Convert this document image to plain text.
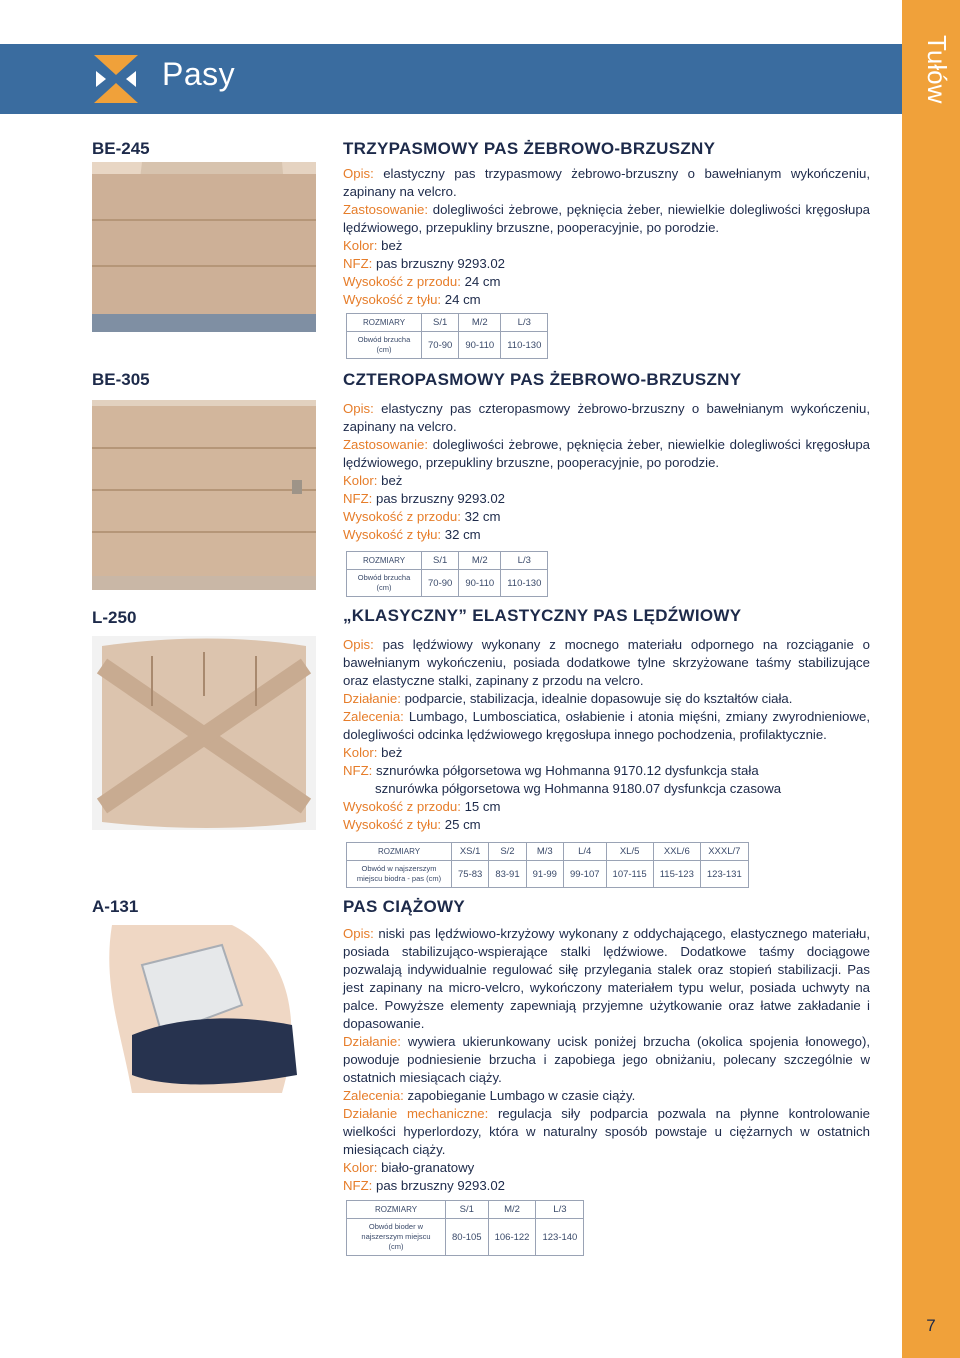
Pasy	Tułów
7
BE-245	TRZYPASMOWY PAS ŻEBROWO-BRZUSZNY

Opis: elastyczny pas trzypasmowy żebrowo-brzuszny o bawełnianym wykończeniu, zapinany na velcro.

Zastosowanie: dolegliwości żebrowe, pęknięcia żeber, niewielkie dolegliwości kręgosłupa lędźwiowego, przepukliny brzuszne, pooperacyjnie, po porodzie.

Kolor: beż

NFZ: pas brzuszny 9293.02

Wysokość z przodu: 24 cm

Wysokość z tyłu: 24 cm

ROZMIARY	S/1	M/2	L/3
Obwód brzucha (cm)	70-90	90-110	110-130
BE-305	CZTEROPASMOWY PAS ŻEBROWO-BRZUSZNY

Opis: elastyczny pas czteropasmowy żebrowo-brzuszny o bawełnianym wykończeniu, zapinany na velcro.

Zastosowanie: dolegliwości żebrowe, pęknięcia żeber, niewielkie dolegliwości kręgosłupa lędźwiowego, przepukliny brzuszne, pooperacyjnie, po porodzie.

Kolor: beż

NFZ: pas brzuszny 9293.02

Wysokość z przodu: 32 cm

Wysokość z tyłu: 32 cm

ROZMIARY	S/1	M/2	L/3
Obwód brzucha (cm)	70-90	90-110	110-130
L-250	„KLASYCZNY” ELASTYCZNY PAS LĘDŹWIOWY

Opis: pas lędźwiowy wykonany z mocnego materiału odpornego na rozciąganie o bawełnianym wykończeniu, posiada dodatkowe tylne skrzyżowane taśmy stabilizujące oraz elastyczne stalki, zapinany z przodu na velcro.

Działanie: podparcie, stabilizacja, idealnie dopasowuje się do kształtów ciała.

Zalecenia: Lumbago, Lumbosciatica, osłabienie i atonia mięśni, zmiany zwyrodnieniowe, dolegliwości odcinka lędźwiowego kręgosłupa innego pochodzenia, profilaktycznie.

Kolor: beż

NFZ: sznurówka półgorsetowa wg Hohmanna 9170.12 dysfunkcja stała

sznurówka półgorsetowa wg Hohmanna 9180.07 dysfunkcja czasowa

Wysokość z przodu: 15 cm

Wysokość z tyłu: 25 cm

ROZMIARY	XS/1	S/2	M/3	L/4	XL/5	XXL/6	XXXL/7
Obwód w najszerszym miejscu biodra - pas (cm)	75-83	83-91	91-99	99-107	107-115	115-123	123-131
A-131	PAS CIĄŻOWY

Opis: niski pas lędźwiowo-krzyżowy wykonany z oddychającego, elastycznego materiału, posiada stabilizująco-wspierające stalki lędźwiowe. Dodatkowe taśmy dociągowe pozwalają indywidualnie regulować siłę przylegania stalek oraz stopień stabilizacji. Pas jest zapinany na micro-velcro, wykończony materiałem typu welur, posiada uchwyty na palce. Powyższe elementy zapewniają przyjemne użytkowanie oraz łatwe zakładanie i dopasowanie.

Działanie: wywiera ukierunkowany ucisk poniżej brzucha (okolica spojenia łonowego), powoduje podniesienie brzucha i zapobiega jego obniżaniu, polecany szczególnie w ostatnich miesiącach ciąży.

Zalecenia: zapobieganie Lumbago w czasie ciąży.

Działanie mechaniczne: regulacja siły podparcia pozwala na płynne kontrolowanie wielkości hyperlordozy, która w naturalny sposób powstaje u ciężarnych w ostatnich miesiącach ciąży.

Kolor: biało-granatowy

NFZ: pas brzuszny 9293.02

ROZMIARY	S/1	M/2	L/3
Obwód bioder w najszerszym miejscu (cm)	80-105	106-122	123-140
